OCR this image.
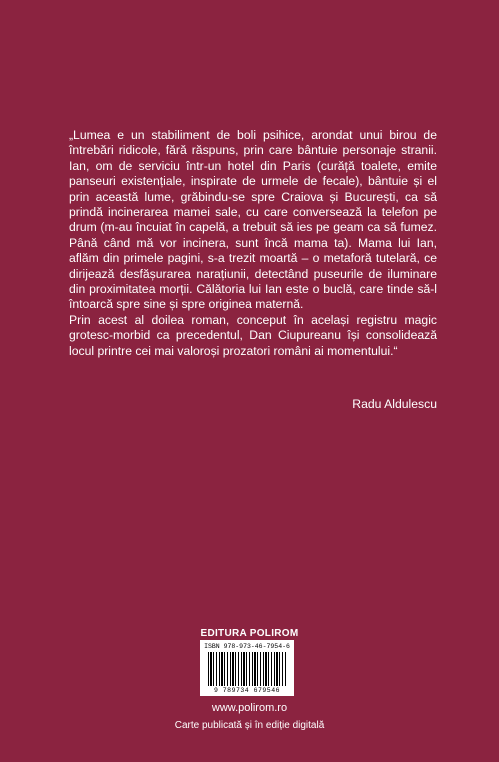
„Lumea e un stabiliment de boli psihice, arondat unui birou de întrebări ridicole, fără răspuns, prin care bântuie personaje stranii. Ian, om de serviciu într-un hotel din Paris (curăță toalete, emite panseuri existențiale, inspirate de urmele de fecale), bântuie și el prin această lume, grăbindu-se spre Craiova și București, ca să prindă incinerarea mamei sale, cu care conversează la telefon pe drum (m-au încuiat în capelă, a trebuit să ies pe geam ca să fumez. Până când mă vor incinera, sunt încă mama ta). Mama lui Ian, aflăm din primele pagini, s-a trezit moartă – o metaforă tutelară, ce dirijează desfășurarea narațiunii, detectând puseurile de iluminare din proximitatea morții. Călătoria lui Ian este o buclă, care tinde să-l întoarcă spre sine și spre originea maternă.

Prin acest al doilea roman, conceput în același registru magic grotesc-morbid ca precedentul, Dan Ciupureanu își consolidează locul printre cei mai valoroși prozatori români ai momentului.“

Radu Aldulescu
EDITURA POLIROM
ISBN 978-973-46-7954-6
9 789734 679546
www.polirom.ro
Carte publicată și în ediție digitală
